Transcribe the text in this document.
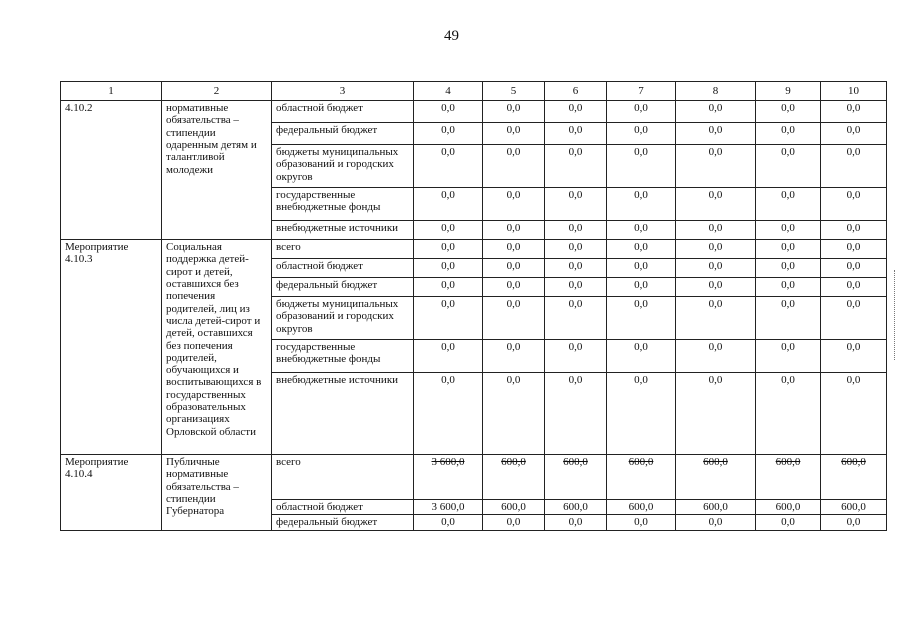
49
1	2	3	4	5	6	7	8	9	10
4.10.2	нормативные обязательства – стипендии одаренным детям и талантливой молодежи	областной бюджет	0,0	0,0	0,0	0,0	0,0	0,0	0,0
		федеральный бюджет	0,0	0,0	0,0	0,0	0,0	0,0	0,0
		бюджеты муниципальных образований и городских округов	0,0	0,0	0,0	0,0	0,0	0,0	0,0
		государственные внебюджетные фонды	0,0	0,0	0,0	0,0	0,0	0,0	0,0
		внебюджетные источники	0,0	0,0	0,0	0,0	0,0	0,0	0,0
Мероприятие 4.10.3	Социальная поддержка детей-сирот и детей, оставшихся без попечения родителей, лиц из числа детей-сирот и детей, оставшихся без попечения родителей, обучающихся и воспитывающихся в государственных образовательных организациях Орловской области	всего	0,0	0,0	0,0	0,0	0,0	0,0	0,0
		областной бюджет	0,0	0,0	0,0	0,0	0,0	0,0	0,0
		федеральный бюджет	0,0	0,0	0,0	0,0	0,0	0,0	0,0
		бюджеты муниципальных образований и городских округов	0,0	0,0	0,0	0,0	0,0	0,0	0,0
		государственные внебюджетные фонды	0,0	0,0	0,0	0,0	0,0	0,0	0,0
		внебюджетные источники	0,0	0,0	0,0	0,0	0,0	0,0	0,0
Мероприятие 4.10.4	Публичные нормативные обязательства – стипендии Губернатора	всего	3 600,0	600,0	600,0	600,0	600,0	600,0	600,0
		областной бюджет	3 600,0	600,0	600,0	600,0	600,0	600,0	600,0
		федеральный бюджет	0,0	0,0	0,0	0,0	0,0	0,0	0,0
